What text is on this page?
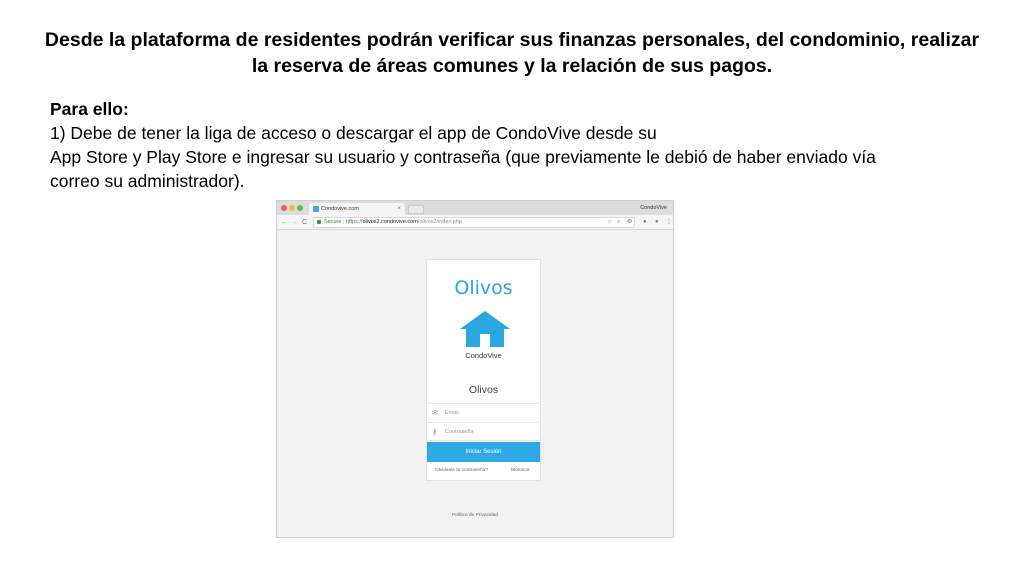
Desde la plataforma de residentes podrán verificar sus finanzas personales, del condominio, realizar la reserva de áreas comunes y la relación de sus pagos.
Para ello:
1) Debe de tener la liga de acceso o descargar el app de CondoVive desde su
App Store y Play Store e ingresar su usuario y contraseña (que previamente le debió de haber enviado vía
correo su administrador).
Condovive.com	×	CondoVive
← → C	Secure | https://olivos2.condovive.com/olivos2/index.php	☆ ⌕ ⚙ ● ● ⋮
Olivos
CondoVive
Olivos
✉ Email
⚷ Contraseña
Iniciar Sesión
Olvidaste tu contraseña?	Morosos
Política de Privacidad
